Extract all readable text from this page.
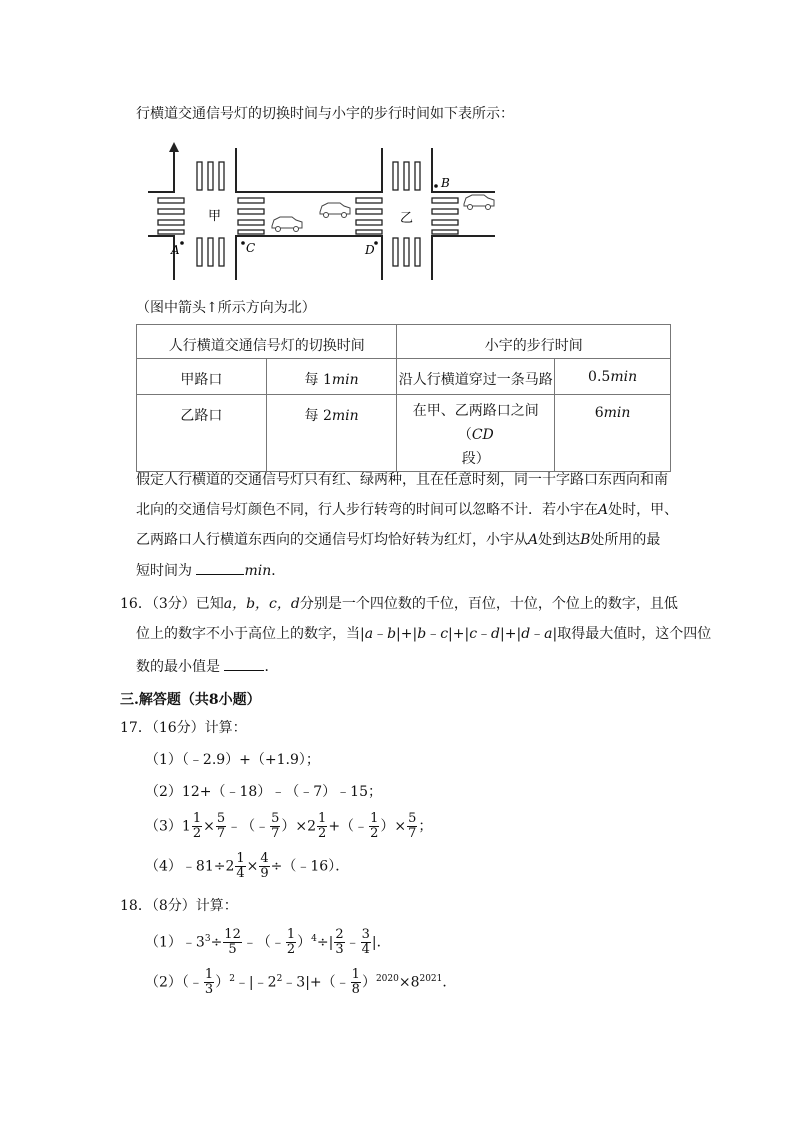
行横道交通信号灯的切换时间与小宇的步行时间如下表所示：
甲	乙
A	C	D
B
（图中箭头↑所示方向为北）
人行横道交通信号灯的切换时间		小宇的步行时间	

甲路口	每 1min	沿人行横道穿过一条马路	0.5min

乙路口	每 2min	在甲、乙两路口之间（CD
段）	6min
假定人行横道的交通信号灯只有红、绿两种，且在任意时刻，同一十字路口东西向和南
北向的交通信号灯颜色不同，行人步行转弯的时间可以忽略不计．若小宇在A处时，甲、
乙两路口人行横道东西向的交通信号灯均恰好转为红灯，小宇从A处到达B处所用的最
短时间为	min．
16．（3分）已知a，b，c，d分别是一个四位数的千位，百位，十位，个位上的数字，且低
位上的数字不小于高位上的数字，当|a﹣b|+|b﹣c|+|c﹣d|+|d﹣a|取得最大值时，这个四位
数的最小值是	．
三.解答题（共8小题）
17．（16分）计算：
（1）（﹣2.9）+（+1.9）；
（2）12+（﹣18）﹣（﹣7）﹣15；
$(3)1 \frac{1}{2} \times \frac{5}{7}$ ﹣（﹣ $\frac{5}{7} )\times 2 \frac{1}{2}$ +（﹣ $\frac{1}{2}$ ）× $\frac{5}{7}$ ；
（4）﹣81÷2 $\frac{1}{4} \times \frac{4}{9}$ ÷（﹣16）．
18．（8分）计算：
$(1)﹣3^3\div \frac{12}{5}$ ﹣（﹣ $\frac{1}{2} )^4\div| \frac{2}{3}$ ﹣ $\frac{3}{4}$ |．
（2）（﹣ $\frac{1}{3}$ ）$^2﹣|﹣2^2﹣3|+(﹣ \frac{1}{8} )^{2020}\times 8^{2021}$．
